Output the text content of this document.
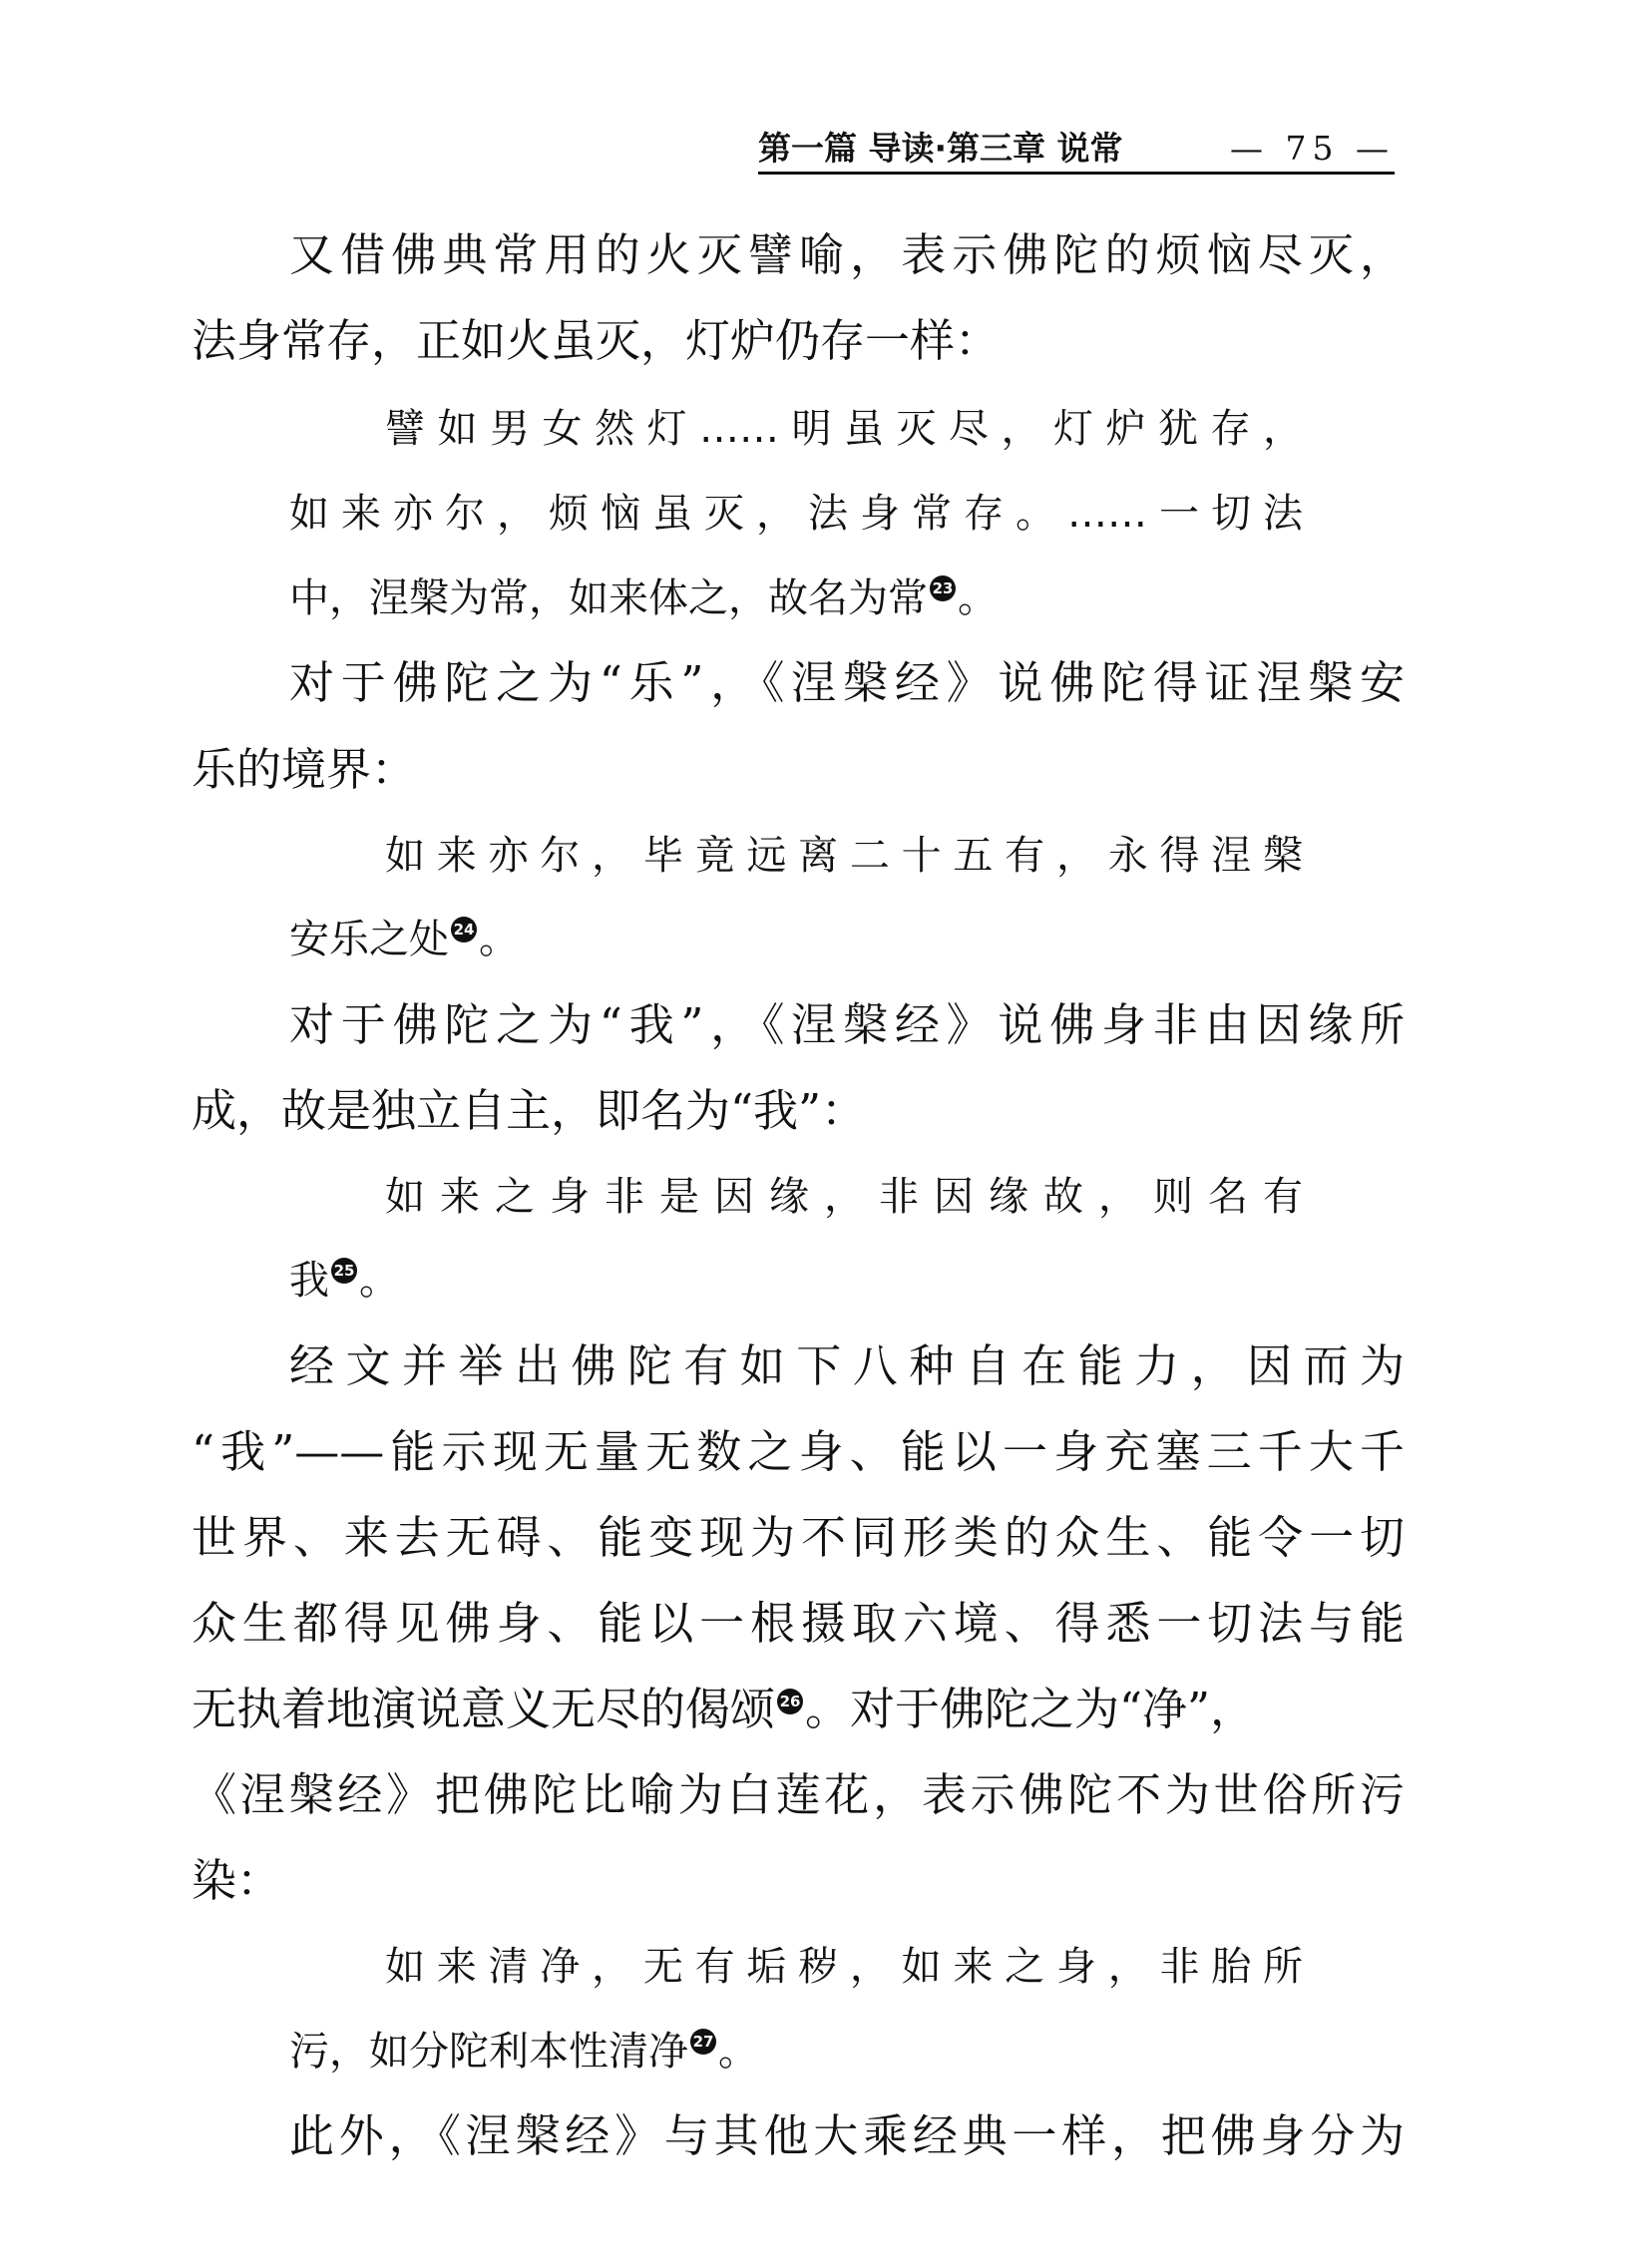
第一篇 导读·第三章 说常	— 75 —
又借佛典常用的火灭譬喻，表示佛陀的烦恼尽灭，
法身常存，正如火虽灭，灯炉仍存一样：
譬如男女然灯……明虽灭尽，灯炉犹存，
如来亦尔，烦恼虽灭，法身常存。……一切法
中，涅槃为常，如来体之，故名为常 23 。
对于佛陀之为“乐”，《涅槃经》说佛陀得证涅槃安
乐的境界：
如来亦尔，毕竟远离二十五有，永得涅槃
安乐之处 24 。
对于佛陀之为“我”，《涅槃经》说佛身非由因缘所
成，故是独立自主，即名为“我”：
如来之身非是因缘，非因缘故，则名有
我 25 。
经文并举出佛陀有如下八种自在能力，因而为
“我”——能示现无量无数之身、能以一身充塞三千大千
世界、来去无碍、能变现为不同形类的众生、能令一切
众生都得见佛身、能以一根摄取六境、得悉一切法与能
无执着地演说意义无尽的偈颂 26 。对于佛陀之为“净”，
《涅槃经》把佛陀比喻为白莲花，表示佛陀不为世俗所污
染：
如来清净，无有垢秽，如来之身，非胎所
污，如分陀利本性清净 27 。
此外，《涅槃经》与其他大乘经典一样，把佛身分为
